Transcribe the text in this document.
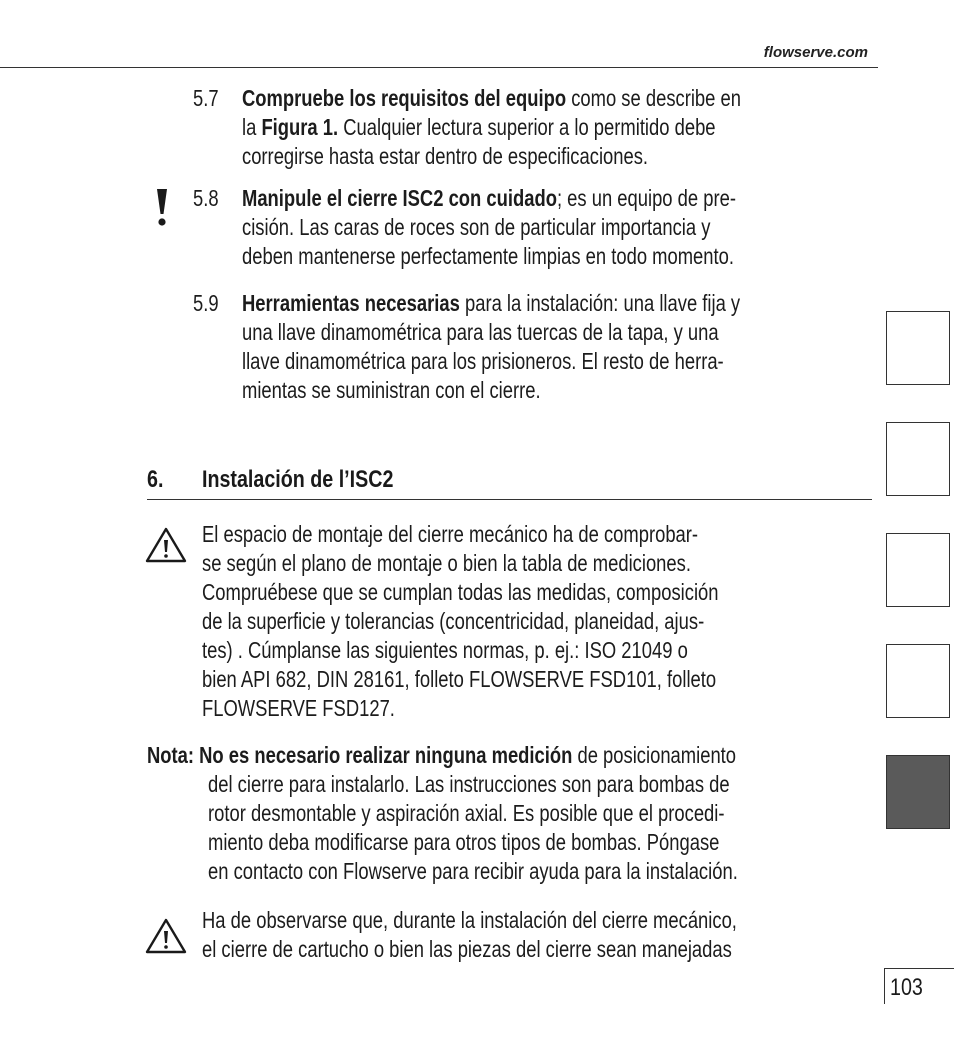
flowserve.com
5.7 Compruebe los requisitos del equipo como se describe en
la Figura 1. Cualquier lectura superior a lo permitido debe
corregirse hasta estar dentro de especificaciones.
5.8 Manipule el cierre ISC2 con cuidado; es un equipo de pre-
cisión. Las caras de roces son de particular importancia y
deben mantenerse perfectamente limpias en todo momento.
5.9 Herramientas necesarias para la instalación: una llave fija y
una llave dinamométrica para las tuercas de la tapa, y una
llave dinamométrica para los prisioneros. El resto de herra-
mientas se suministran con el cierre.
6. Instalación de l’ISC2
El espacio de montaje del cierre mecánico ha de comprobar-
se según el plano de montaje o bien la tabla de mediciones.
Compruébese que se cumplan todas las medidas, composición
de la superficie y tolerancias (concentricidad, planeidad, ajus-
tes) . Cúmplanse las siguientes normas, p. ej.: ISO 21049 o
bien API 682, DIN 28161, folleto FLOWSERVE FSD101, folleto
FLOWSERVE FSD127.
Nota: No es necesario realizar ninguna medición de posicionamiento
del cierre para instalarlo. Las instrucciones son para bombas de
rotor desmontable y aspiración axial. Es posible que el procedi-
miento deba modificarse para otros tipos de bombas. Póngase
en contacto con Flowserve para recibir ayuda para la instalación.
Ha de observarse que, durante la instalación del cierre mecánico,
el cierre de cartucho o bien las piezas del cierre sean manejadas
103
